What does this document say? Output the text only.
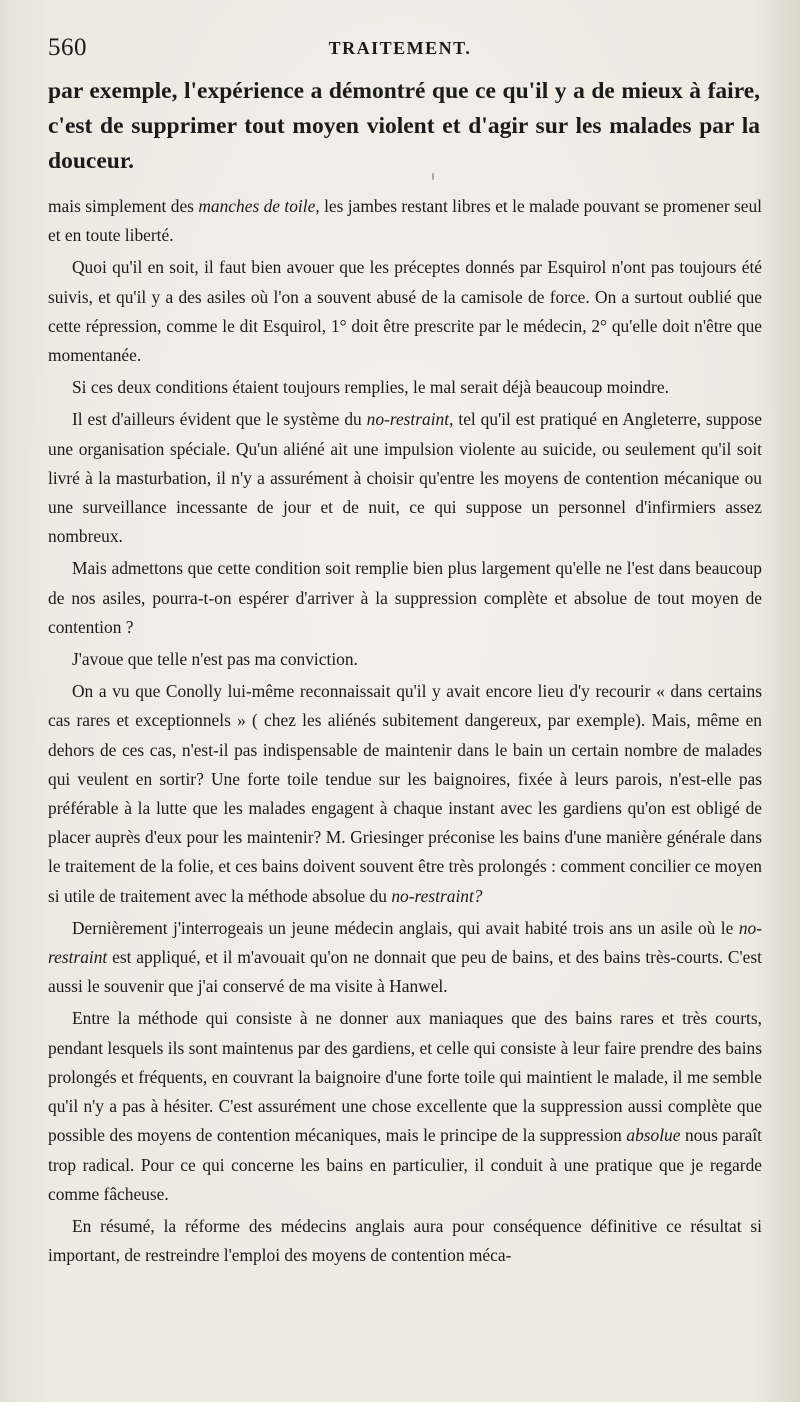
560	TRAITEMENT.
par exemple, l'expérience a démontré que ce qu'il y a de mieux à faire, c'est de supprimer tout moyen violent et d'agir sur les malades par la douceur.

mais simplement des manches de toile, les jambes restant libres et le malade pouvant se promener seul et en toute liberté.

Quoi qu'il en soit, il faut bien avouer que les préceptes donnés par Esquirol n'ont pas toujours été suivis, et qu'il y a des asiles où l'on a souvent abusé de la camisole de force. On a surtout oublié que cette répression, comme le dit Esquirol, 1° doit être prescrite par le médecin, 2° qu'elle doit n'être que momentanée.

Si ces deux conditions étaient toujours remplies, le mal serait déjà beaucoup moindre.

Il est d'ailleurs évident que le système du no-restraint, tel qu'il est pratiqué en Angleterre, suppose une organisation spéciale. Qu'un aliéné ait une impulsion violente au suicide, ou seulement qu'il soit livré à la masturbation, il n'y a assurément à choisir qu'entre les moyens de contention mécanique ou une surveillance incessante de jour et de nuit, ce qui suppose un personnel d'infirmiers assez nombreux.

Mais admettons que cette condition soit remplie bien plus largement qu'elle ne l'est dans beaucoup de nos asiles, pourra-t-on espérer d'arriver à la suppression complète et absolue de tout moyen de contention ?

J'avoue que telle n'est pas ma conviction.

On a vu que Conolly lui-même reconnaissait qu'il y avait encore lieu d'y recourir « dans certains cas rares et exceptionnels » ( chez les aliénés subitement dangereux, par exemple). Mais, même en dehors de ces cas, n'est-il pas indispensable de maintenir dans le bain un certain nombre de malades qui veulent en sortir? Une forte toile tendue sur les baignoires, fixée à leurs parois, n'est-elle pas préférable à la lutte que les malades engagent à chaque instant avec les gardiens qu'on est obligé de placer auprès d'eux pour les maintenir? M. Griesinger préconise les bains d'une manière générale dans le traitement de la folie, et ces bains doivent souvent être très prolongés : comment concilier ce moyen si utile de traitement avec la méthode absolue du no-restraint?

Dernièrement j'interrogeais un jeune médecin anglais, qui avait habité trois ans un asile où le no-restraint est appliqué, et il m'avouait qu'on ne donnait que peu de bains, et des bains très-courts. C'est aussi le souvenir que j'ai conservé de ma visite à Hanwel.

Entre la méthode qui consiste à ne donner aux maniaques que des bains rares et très courts, pendant lesquels ils sont maintenus par des gardiens, et celle qui consiste à leur faire prendre des bains prolongés et fréquents, en couvrant la baignoire d'une forte toile qui maintient le malade, il me semble qu'il n'y a pas à hésiter. C'est assurément une chose excellente que la suppression aussi complète que possible des moyens de contention mécaniques, mais le principe de la suppression absolue nous paraît trop radical. Pour ce qui concerne les bains en particulier, il conduit à une pratique que je regarde comme fâcheuse.

En résumé, la réforme des médecins anglais aura pour conséquence définitive ce résultat si important, de restreindre l'emploi des moyens de contention méca-
